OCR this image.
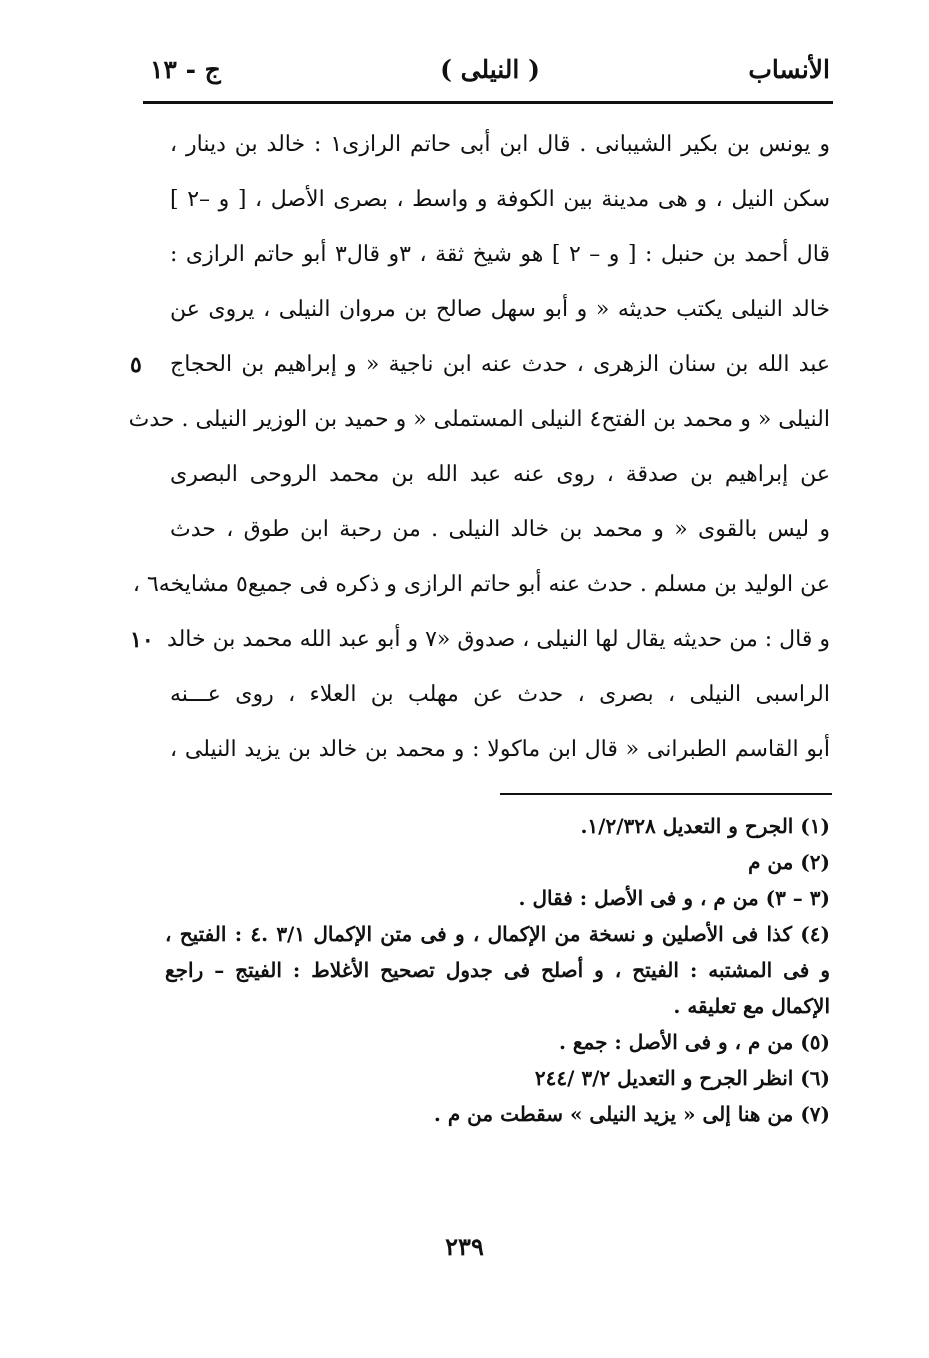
الأنساب
( النيلى )
ج - ١٣
و يونس بن بكير الشيبانى . قال ابن أبى حاتم الرازى١ : خالد بن دينار ،
سكن النيل ، و هى مدينة بين الكوفة و واسط ، بصرى الأصل ، [ و –٢ ]
قال أحمد بن حنبل : [ و – ٢ ] هو شيخ ثقة ، ٣و قال٣ أبو حاتم الرازى :
خالد النيلى يكتب حديثه « و أبو سهل صالح بن مروان النيلى ، يروى عن
عبد الله بن سنان الزهرى ، حدث عنه ابن ناجية « و إبراهيم بن الحجاج
٥
النيلى « و محمد بن الفتح٤ النيلى المستملى « و حميد بن الوزير النيلى . حدث
عن إبراهيم بن صدقة ، روى عنه عبد الله بن محمد الروحى البصرى
و ليس بالقوى « و محمد بن خالد النيلى . من رحبة ابن طوق ، حدث
عن الوليد بن مسلم . حدث عنه أبو حاتم الرازى و ذكره فى جميع٥ مشايخه٦ ،
و قال : من حديثه يقال لها النيلى ، صدوق «٧ و أبو عبد الله محمد بن خالد
١٠
الراسبى النيلى ، بصرى ، حدث عن مهلب بن العلاء ، روى عـــنه
أبو القاسم الطبرانى « قال ابن ماكولا : و محمد بن خالد بن يزيد النيلى ،
(١) الجرح و التعديل ١/٢/٣٢٨.
(٢) من م
(٣ – ٣) من م ، و فى الأصل : فقال .
(٤) كذا فى الأصلين و نسخة من الإكمال ، و فى متن الإكمال ٣/١ .٤ : الفتيح ،
و فى المشتبه : الفيتح ، و أصلح فى جدول تصحيح الأغلاط : الفيتج – راجع
الإكمال مع تعليقه .
(٥) من م ، و فى الأصل : جمع .
(٦) انظر الجرح و التعديل ٣/٢ /٢٤٤
(٧) من هنا إلى « يزيد النيلى » سقطت من م .
٢٣٩
